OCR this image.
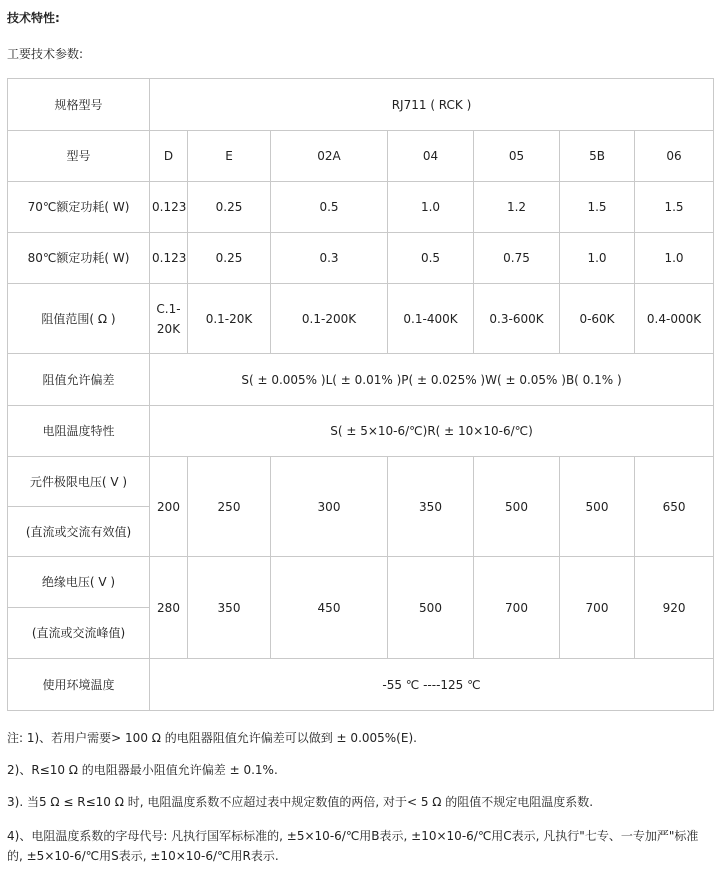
技术特性:
工要技术参数:
规格型号	RJ711 ( RCK )						
型号	D	E	02A	04	05	5B	06
70℃额定功耗( W)	0.123	0.25	0.5	1.0	1.2	1.5	1.5
80℃额定功耗( W)	0.123	0.25	0.3	0.5	0.75	1.0	1.0
阻值范围( Ω )	C.1-20K	0.1-20K	0.1-200K	0.1-400K	0.3-600K	0-60K	0.4-000K
阻值允许偏差	S( ± 0.005% )L( ± 0.01% )P( ± 0.025% )W( ± 0.05% )B( 0.1% )						
电阻温度特性	S( ± 5×10-6/℃)R( ± 10×10-6/℃)						
元件极限电压( V )	200	250	300	350	500	500	650
(直流或交流有效值)							
绝缘电压( V )	280	350	450	500	700	700	920
(直流或交流峰值)							
使用环境温度	-55 ℃ ----125 ℃						
注: 1)、若用户需要> 100 Ω 的电阻器阻值允许偏差可以做到 ± 0.005%(E).
2)、R≤10 Ω 的电阻器最小阻值允许偏差 ± 0.1%.
3). 当5 Ω ≤ R≤10 Ω 时, 电阻温度系数不应超过表中规定数值的两倍, 对于< 5 Ω 的阻值不规定电阻温度系数.
4)、电阻温度系数的字母代号: 凡执行国军标标准的, ±5×10-6/℃用B表示, ±10×10-6/℃用C表示, 凡执行"七专、一专加严"标准的, ±5×10-6/℃用S表示, ±10×10-6/℃用R表示.
